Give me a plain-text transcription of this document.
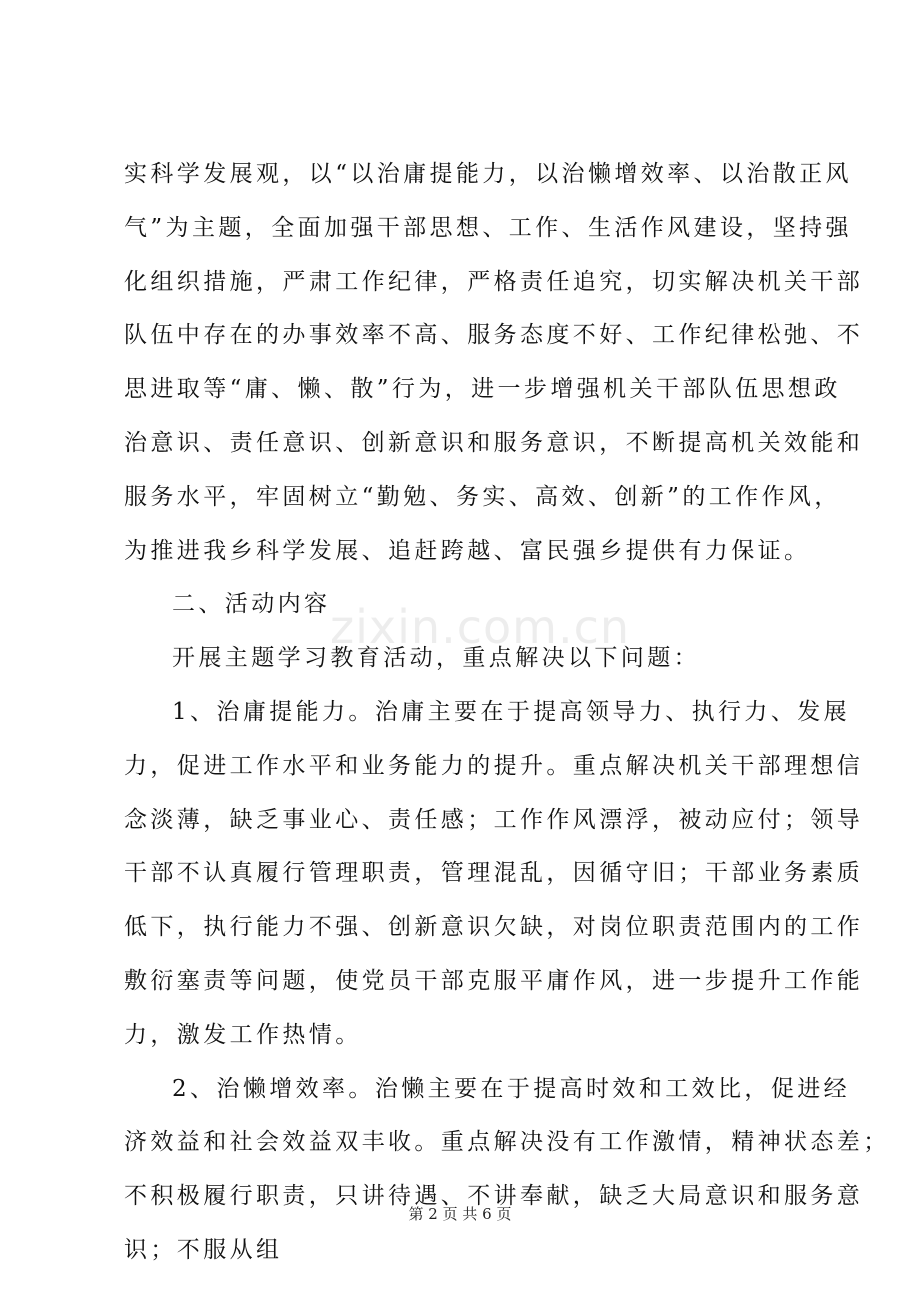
zixin.com.cn
实科学发展观，以“以治庸提能力，以治懒增效率、以治散正风
气”为主题，全面加强干部思想、工作、生活作风建设，坚持强
化组织措施，严肃工作纪律，严格责任追究，切实解决机关干部
队伍中存在的办事效率不高、服务态度不好、工作纪律松弛、不
思进取等“庸、懒、散”行为，进一步增强机关干部队伍思想政
治意识、责任意识、创新意识和服务意识，不断提高机关效能和
服务水平，牢固树立“勤勉、务实、高效、创新”的工作作风，
为推进我乡科学发展、追赶跨越、富民强乡提供有力保证。
二、活动内容
开展主题学习教育活动，重点解决以下问题：
1、治庸提能力。治庸主要在于提高领导力、执行力、发展
力，促进工作水平和业务能力的提升。重点解决机关干部理想信
念淡薄，缺乏事业心、责任感；工作作风漂浮，被动应付；领导
干部不认真履行管理职责，管理混乱，因循守旧；干部业务素质
低下，执行能力不强、创新意识欠缺，对岗位职责范围内的工作
敷衍塞责等问题，使党员干部克服平庸作风，进一步提升工作能
力，激发工作热情。
2、治懒增效率。治懒主要在于提高时效和工效比，促进经
济效益和社会效益双丰收。重点解决没有工作激情，精神状态差；
不积极履行职责，只讲待遇、不讲奉献，缺乏大局意识和服务意
识；不服从组
第 2 页 共 6 页
